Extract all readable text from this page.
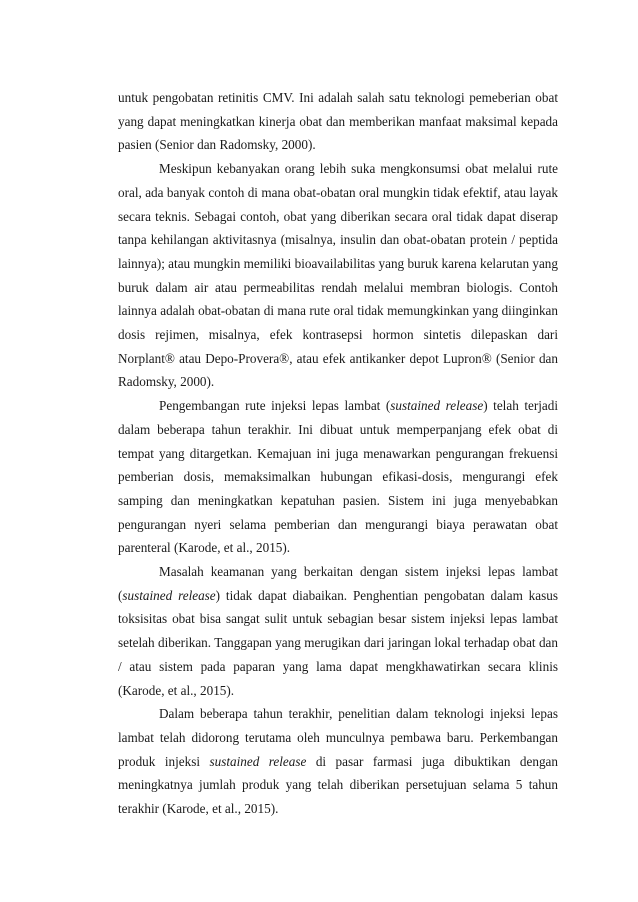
untuk pengobatan retinitis CMV. Ini adalah salah satu teknologi pemeberian obat yang dapat meningkatkan kinerja obat dan memberikan manfaat maksimal kepada pasien (Senior dan Radomsky, 2000).

Meskipun kebanyakan orang lebih suka mengkonsumsi obat melalui rute oral, ada banyak contoh di mana obat-obatan oral mungkin tidak efektif, atau layak secara teknis. Sebagai contoh, obat yang diberikan secara oral tidak dapat diserap tanpa kehilangan aktivitasnya (misalnya, insulin dan obat-obatan protein / peptida lainnya); atau mungkin memiliki bioavailabilitas yang buruk karena kelarutan yang buruk dalam air atau permeabilitas rendah melalui membran biologis. Contoh lainnya adalah obat-obatan di mana rute oral tidak memungkinkan yang diinginkan dosis rejimen, misalnya, efek kontrasepsi hormon sintetis dilepaskan dari Norplant® atau Depo-Provera®, atau efek antikanker depot Lupron® (Senior dan Radomsky, 2000).

Pengembangan rute injeksi lepas lambat (sustained release) telah terjadi dalam beberapa tahun terakhir. Ini dibuat untuk memperpanjang efek obat di tempat yang ditargetkan. Kemajuan ini juga menawarkan pengurangan frekuensi pemberian dosis, memaksimalkan hubungan efikasi-dosis, mengurangi efek samping dan meningkatkan kepatuhan pasien. Sistem ini juga menyebabkan pengurangan nyeri selama pemberian dan mengurangi biaya perawatan obat parenteral (Karode, et al., 2015).

Masalah keamanan yang berkaitan dengan sistem injeksi lepas lambat (sustained release) tidak dapat diabaikan. Penghentian pengobatan dalam kasus toksisitas obat bisa sangat sulit untuk sebagian besar sistem injeksi lepas lambat setelah diberikan. Tanggapan yang merugikan dari jaringan lokal terhadap obat dan / atau sistem pada paparan yang lama dapat mengkhawatirkan secara klinis (Karode, et al., 2015).

Dalam beberapa tahun terakhir, penelitian dalam teknologi injeksi lepas lambat telah didorong terutama oleh munculnya pembawa baru. Perkembangan produk injeksi sustained release di pasar farmasi juga dibuktikan dengan meningkatnya jumlah produk yang telah diberikan persetujuan selama 5 tahun terakhir (Karode, et al., 2015).
